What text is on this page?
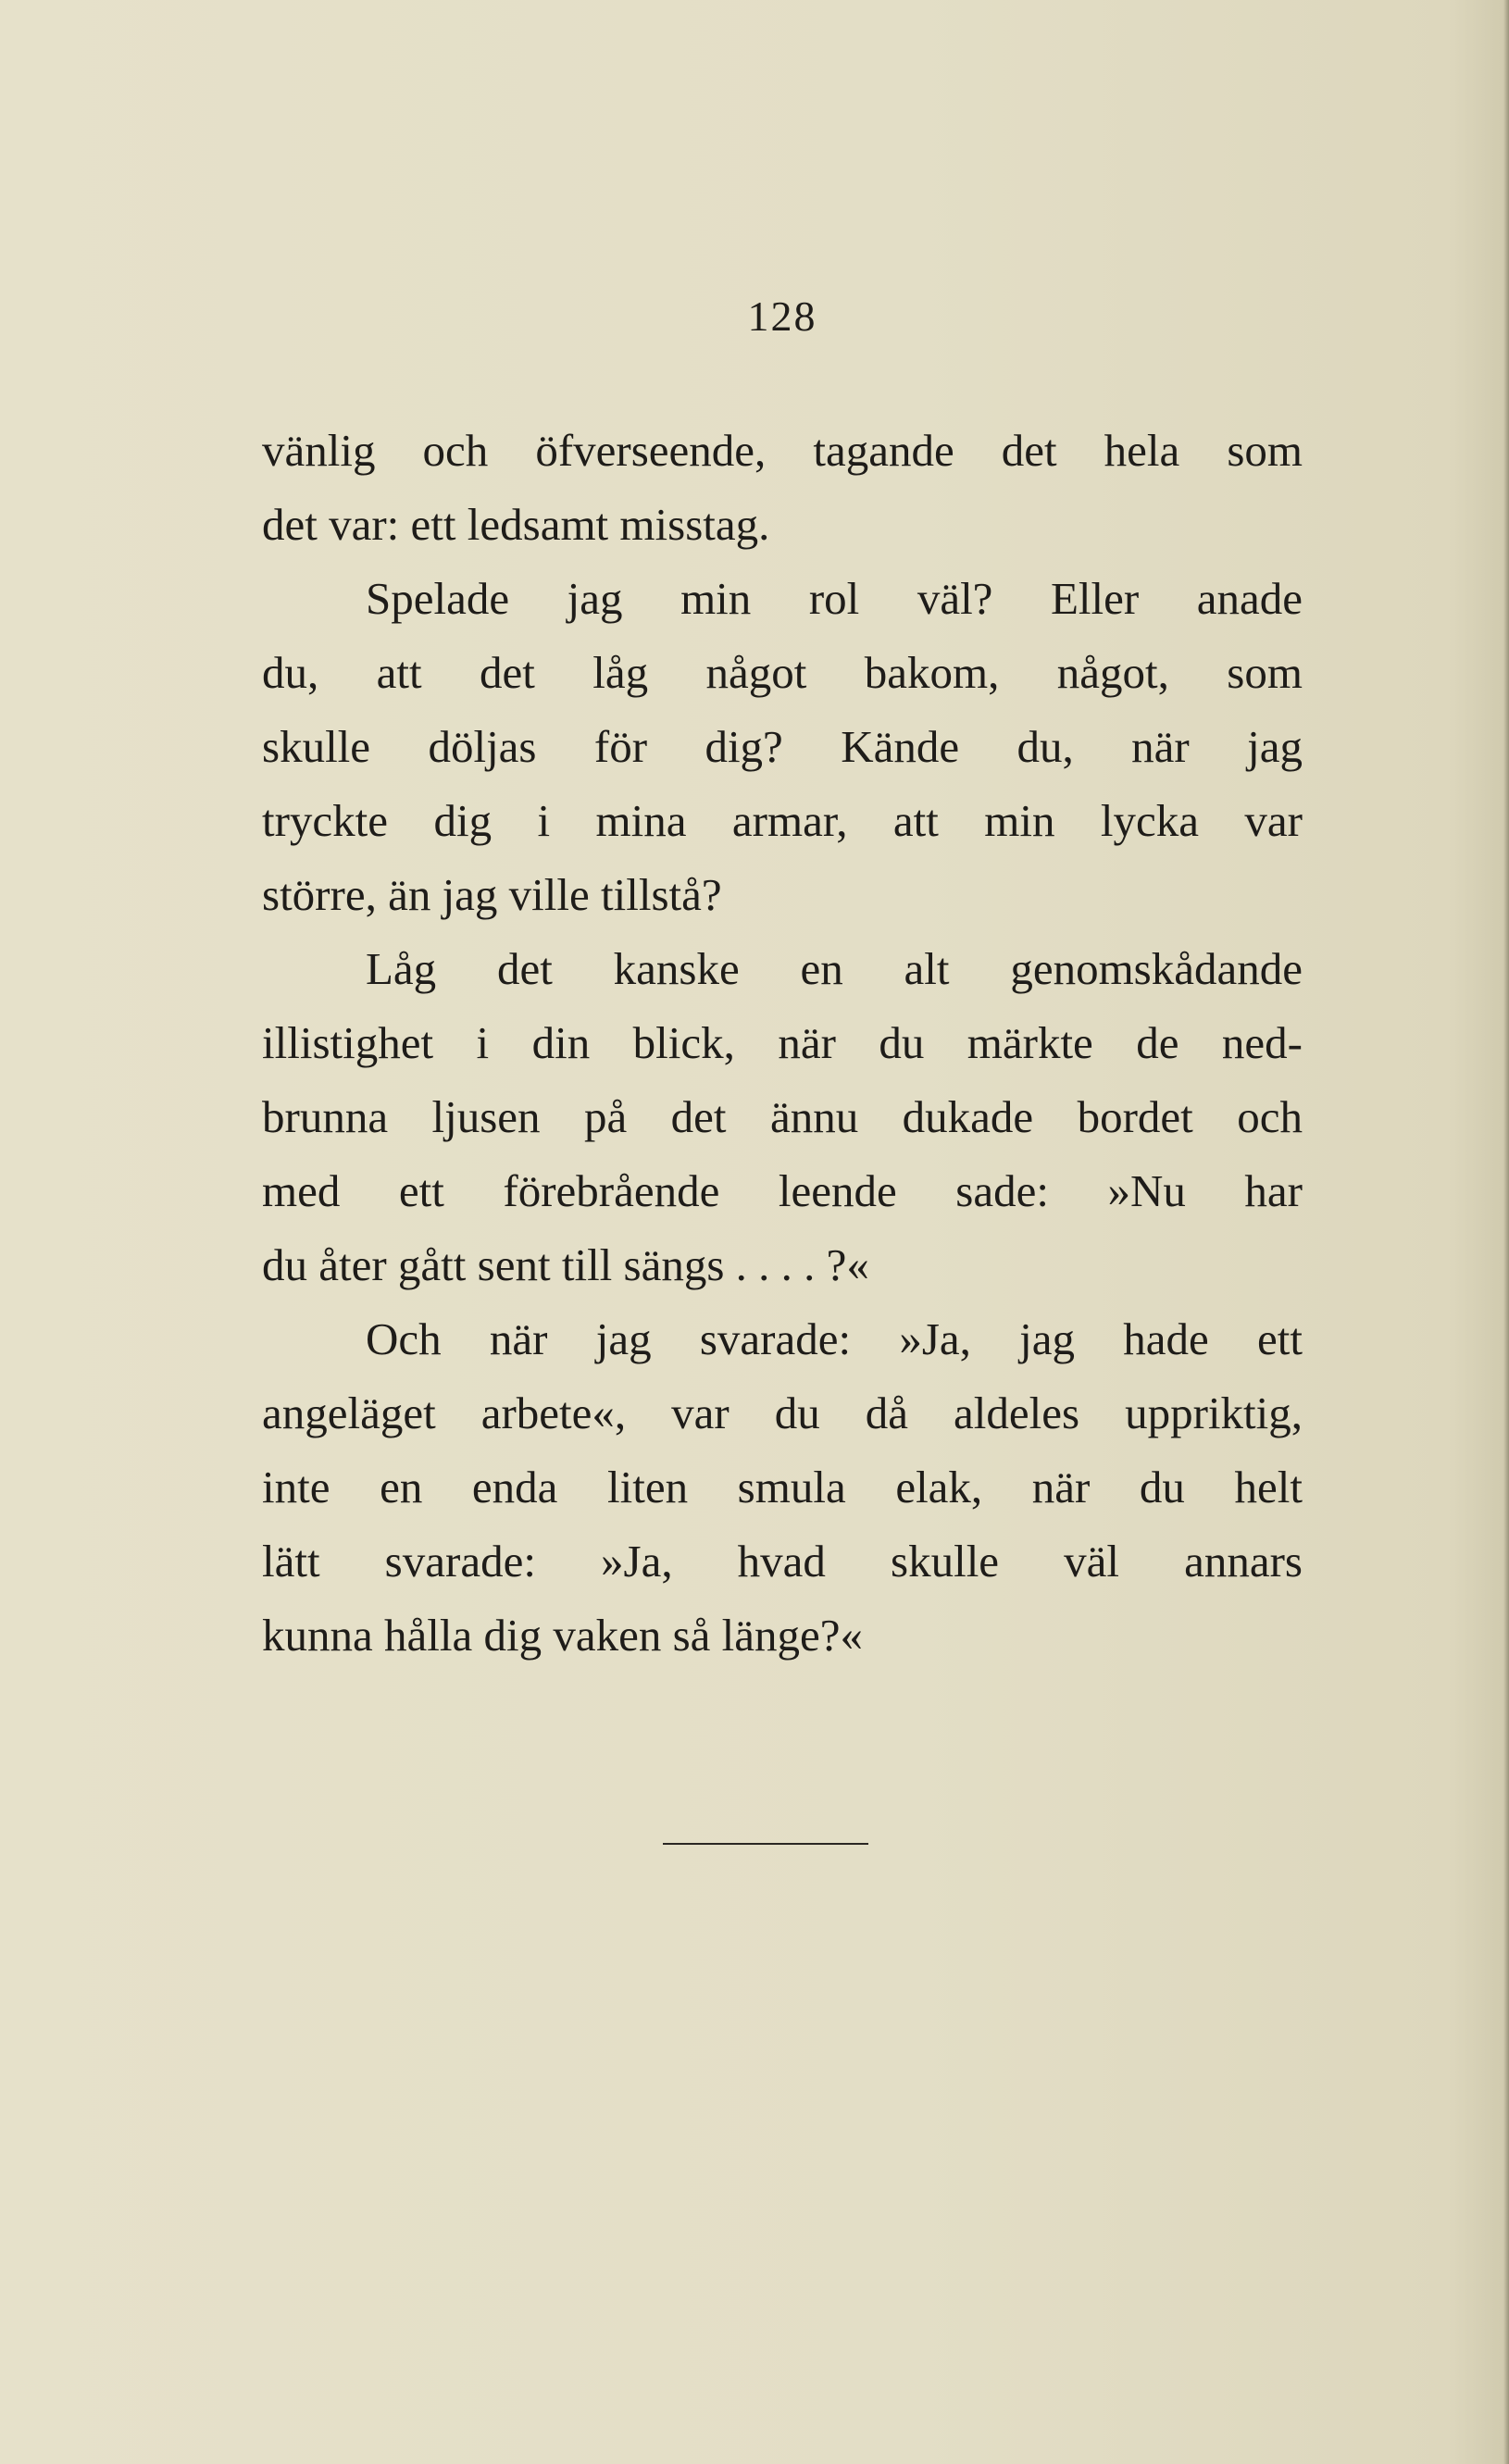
128
vänlig och öfverseende, tagande det hela som
det var: ett ledsamt misstag.
Spelade jag min rol väl? Eller anade
du, att det låg något bakom, något, som
skulle döljas för dig? Kände du, när jag
tryckte dig i mina armar, att min lycka var
större, än jag ville tillstå?
Låg det kanske en alt genomskådande
illistighet i din blick, när du märkte de ned-
brunna ljusen på det ännu dukade bordet och
med ett förebrående leende sade: »Nu har
du åter gått sent till sängs . . . . ?«
Och när jag svarade: »Ja, jag hade ett
angeläget arbete«, var du då aldeles uppriktig,
inte en enda liten smula elak, när du helt
lätt svarade: »Ja, hvad skulle väl annars
kunna hålla dig vaken så länge?«
